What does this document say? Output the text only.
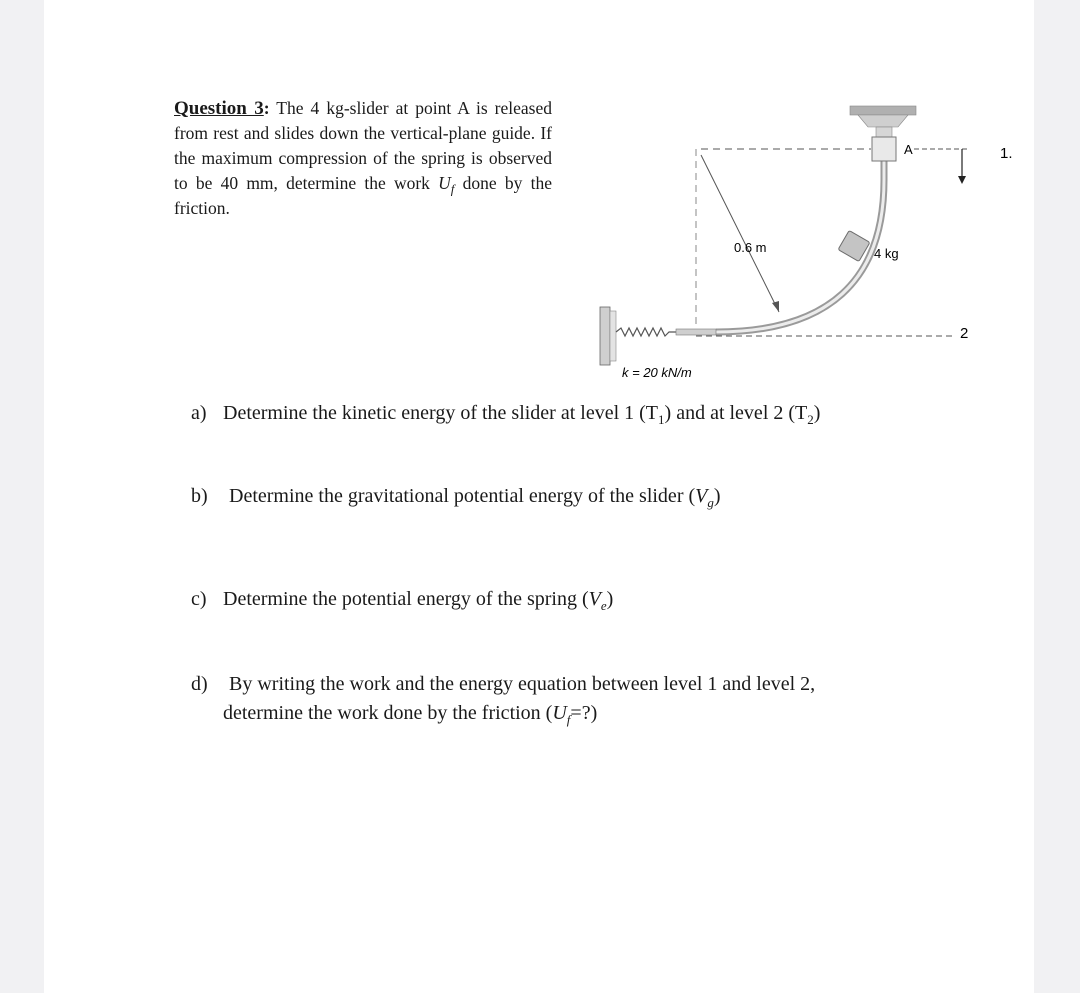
Question 3: The 4 kg-slider at point A is released from rest and slides down the vertical-plane guide. If the maximum compression of the spring is observed to be 40 mm, determine the work $U_f$ done by the friction.
0.6 m	4 kg
A	1.
2
k = 20 kN/m
a) Determine the kinetic energy of the slider at level 1 $(T_1)$ and at level 2 $(T_2)$
b) Determine the gravitational potential energy of the slider $(V_g)$
c) Determine the potential energy of the spring $(V_e)$
d) By writing the work and the energy equation between level 1 and level 2,
determine the work done by the friction $(U_f=?)$
